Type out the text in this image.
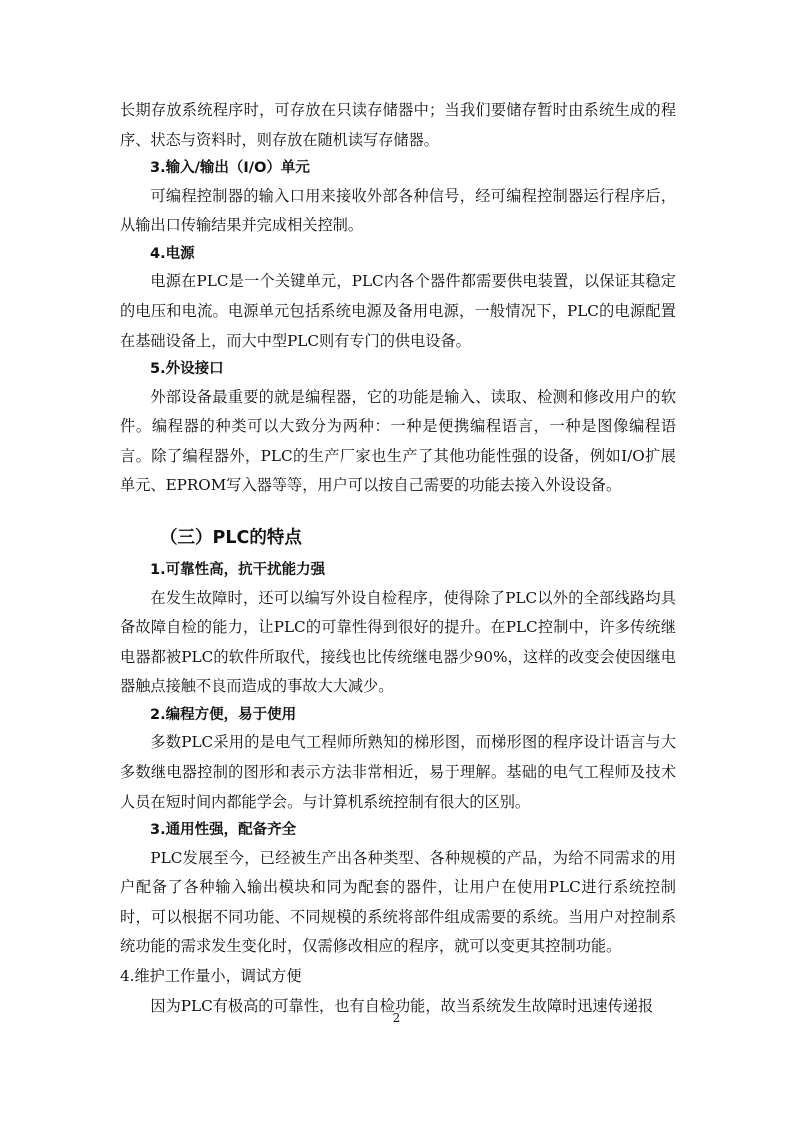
长期存放系统程序时，可存放在只读存储器中；当我们要储存暂时由系统生成的程序、状态与资料时，则存放在随机读写存储器。

3.输入/输出（I/O）单元

可编程控制器的输入口用来接收外部各种信号，经可编程控制器运行程序后，从输出口传输结果并完成相关控制。

4.电源

电源在PLC是一个关键单元，PLC内各个器件都需要供电装置，以保证其稳定的电压和电流。电源单元包括系统电源及备用电源，一般情况下，PLC的电源配置在基础设备上，而大中型PLC则有专门的供电设备。

5.外设接口

外部设备最重要的就是编程器，它的功能是输入、读取、检测和修改用户的软件。编程器的种类可以大致分为两种：一种是便携编程语言，一种是图像编程语言。除了编程器外，PLC的生产厂家也生产了其他功能性强的设备，例如I/O扩展单元、EPROM写入器等等，用户可以按自己需要的功能去接入外设设备。

（三）PLC的特点

1.可靠性高，抗干扰能力强

在发生故障时，还可以编写外设自检程序，使得除了PLC以外的全部线路均具备故障自检的能力，让PLC的可靠性得到很好的提升。在PLC控制中，许多传统继电器都被PLC的软件所取代，接线也比传统继电器少90%，这样的改变会使因继电器触点接触不良而造成的事故大大减少。

2.编程方便，易于使用

多数PLC采用的是电气工程师所熟知的梯形图，而梯形图的程序设计语言与大多数继电器控制的图形和表示方法非常相近，易于理解。基础的电气工程师及技术人员在短时间内都能学会。与计算机系统控制有很大的区别。

3.通用性强，配备齐全

PLC发展至今，已经被生产出各种类型、各种规模的产品，为给不同需求的用户配备了各种输入输出模块和同为配套的器件，让用户在使用PLC进行系统控制时，可以根据不同功能、不同规模的系统将部件组成需要的系统。当用户对控制系统功能的需求发生变化时，仅需修改相应的程序，就可以变更其控制功能。

4.维护工作量小，调试方便

因为PLC有极高的可靠性，也有自检功能，故当系统发生故障时迅速传递报

2
